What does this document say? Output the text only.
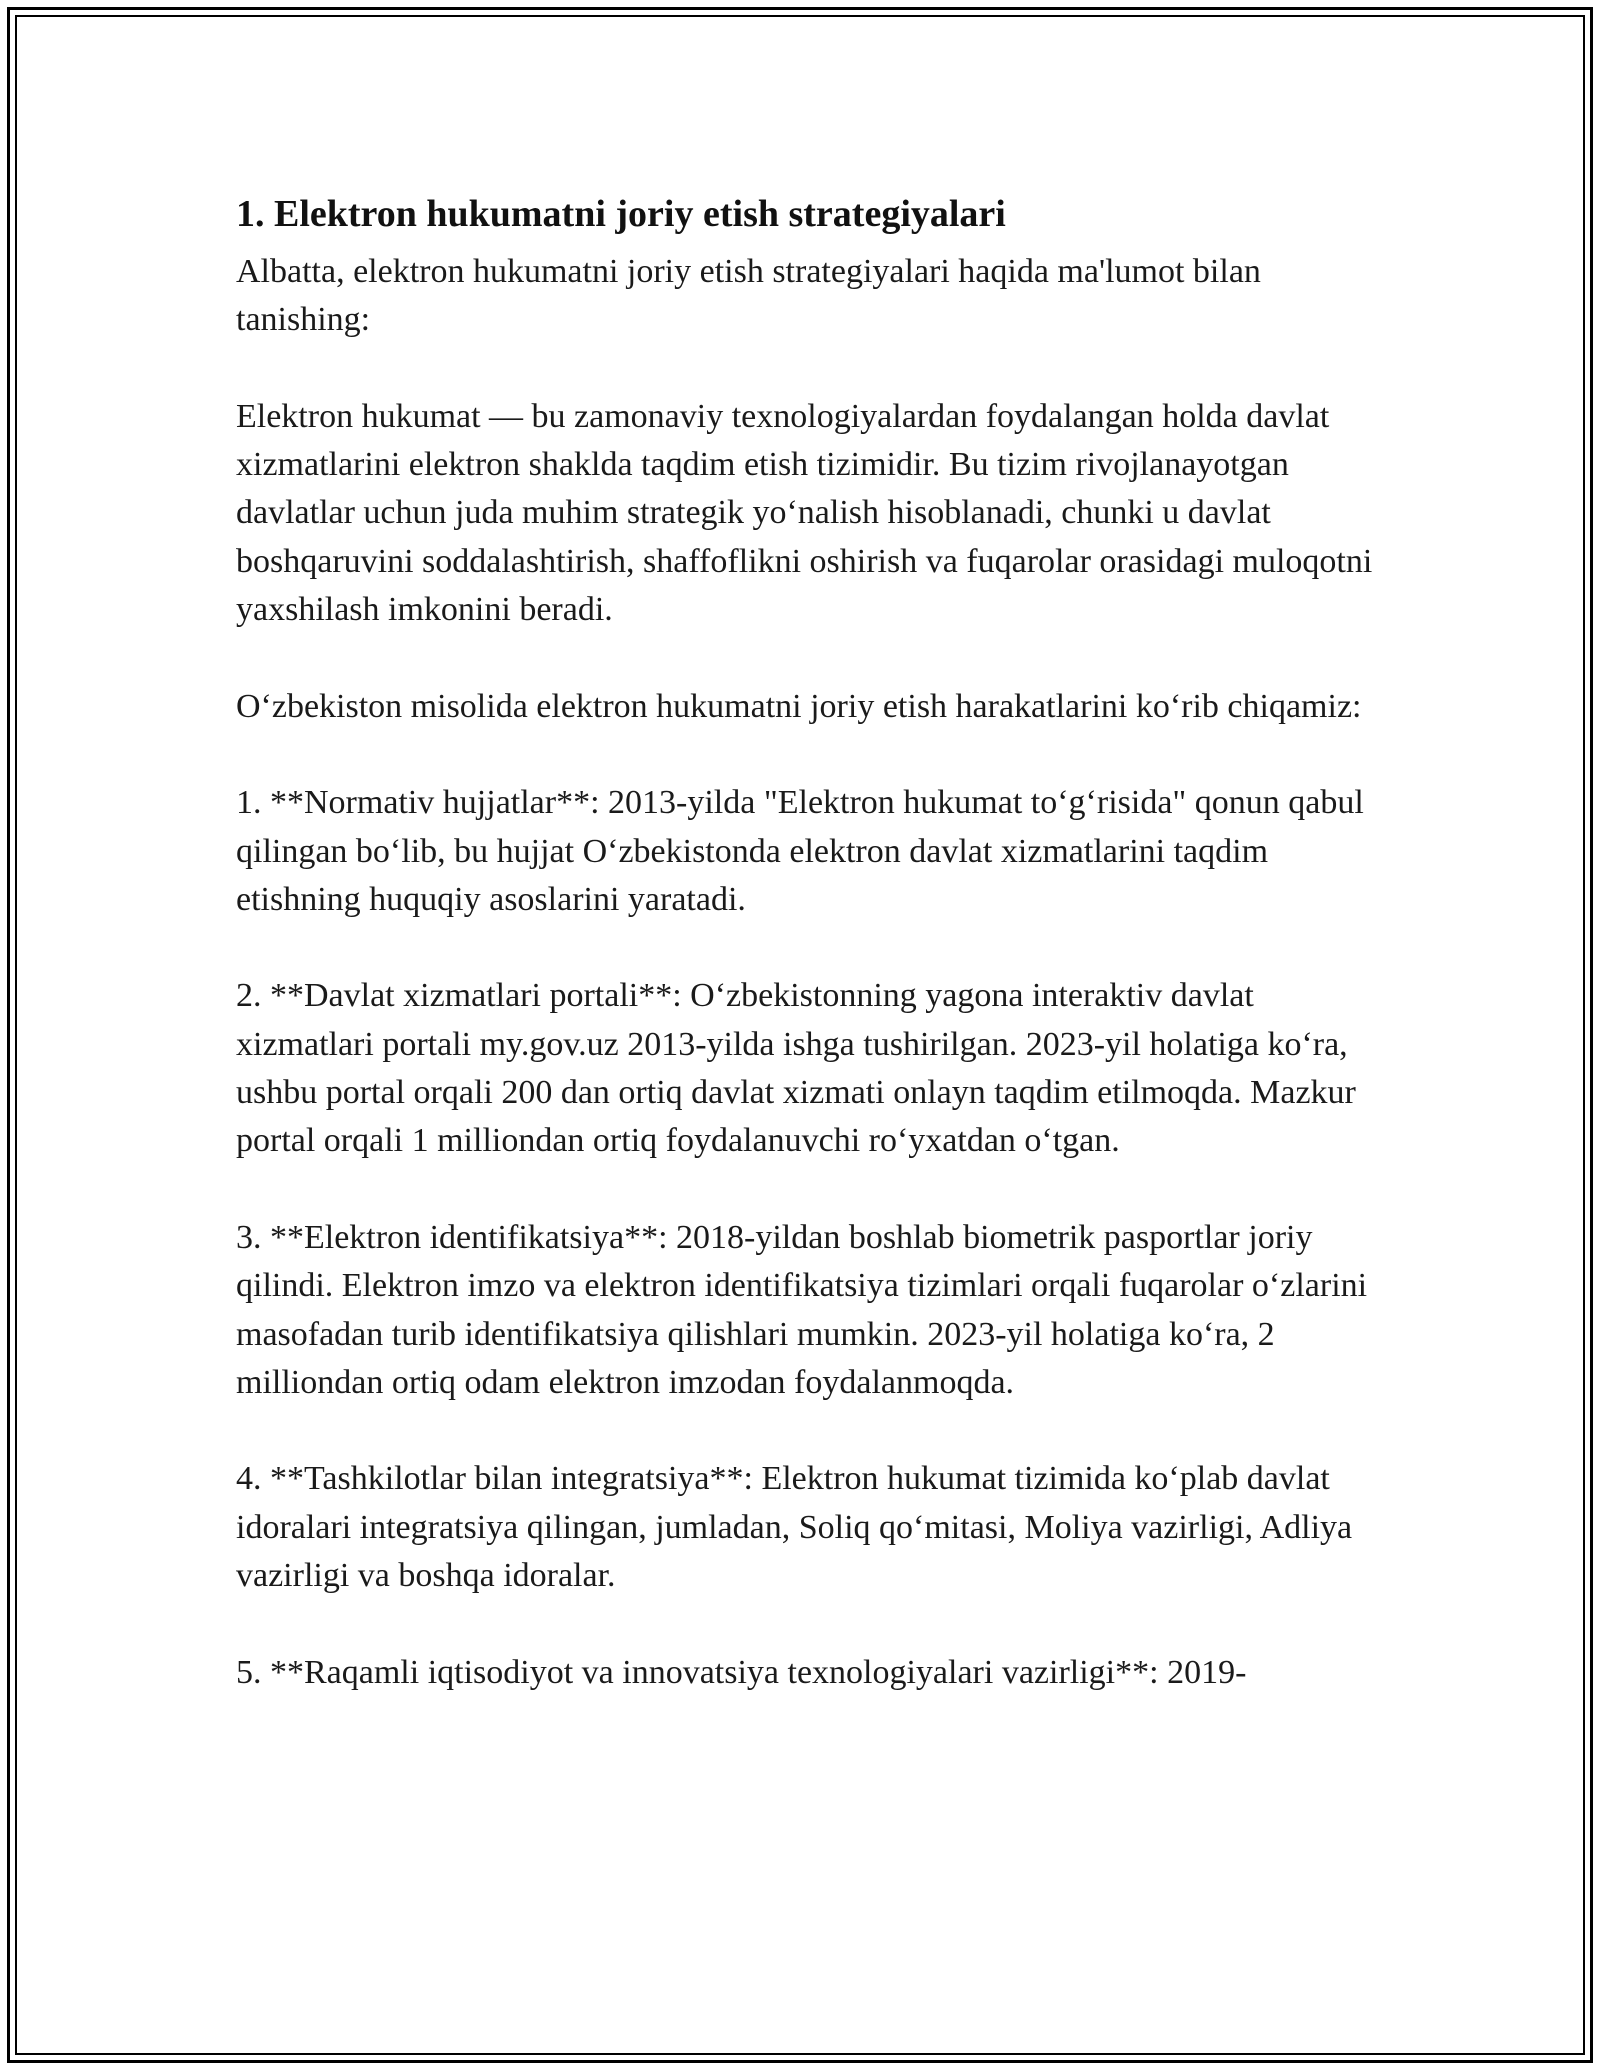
1. Elektron hukumatni joriy etish strategiyalari

Albatta, elektron hukumatni joriy etish strategiyalari haqida ma'lumot bilan tanishing:

Elektron hukumat — bu zamonaviy texnologiyalardan foydalangan holda davlat xizmatlarini elektron shaklda taqdim etish tizimidir. Bu tizim rivojlanayotgan davlatlar uchun juda muhim strategik yo‘nalish hisoblanadi, chunki u davlat boshqaruvini soddalashtirish, shaffoflikni oshirish va fuqarolar orasidagi muloqotni yaxshilash imkonini beradi.

O‘zbekiston misolida elektron hukumatni joriy etish harakatlarini ko‘rib chiqamiz:

1. **Normativ hujjatlar**: 2013-yilda "Elektron hukumat to‘g‘risida" qonun qabul qilingan bo‘lib, bu hujjat O‘zbekistonda elektron davlat xizmatlarini taqdim etishning huquqiy asoslarini yaratadi.

2. **Davlat xizmatlari portali**: O‘zbekistonning yagona interaktiv davlat xizmatlari portali my.gov.uz 2013-yilda ishga tushirilgan. 2023-yil holatiga ko‘ra, ushbu portal orqali 200 dan ortiq davlat xizmati onlayn taqdim etilmoqda. Mazkur portal orqali 1 milliondan ortiq foydalanuvchi ro‘yxatdan o‘tgan.

3. **Elektron identifikatsiya**: 2018-yildan boshlab biometrik pasportlar joriy qilindi. Elektron imzo va elektron identifikatsiya tizimlari orqali fuqarolar o‘zlarini masofadan turib identifikatsiya qilishlari mumkin. 2023-yil holatiga ko‘ra, 2 milliondan ortiq odam elektron imzodan foydalanmoqda.

4. **Tashkilotlar bilan integratsiya**: Elektron hukumat tizimida ko‘plab davlat idoralari integratsiya qilingan, jumladan, Soliq qo‘mitasi, Moliya vazirligi, Adliya vazirligi va boshqa idoralar.

5. **Raqamli iqtisodiyot va innovatsiya texnologiyalari vazirligi**: 2019-
